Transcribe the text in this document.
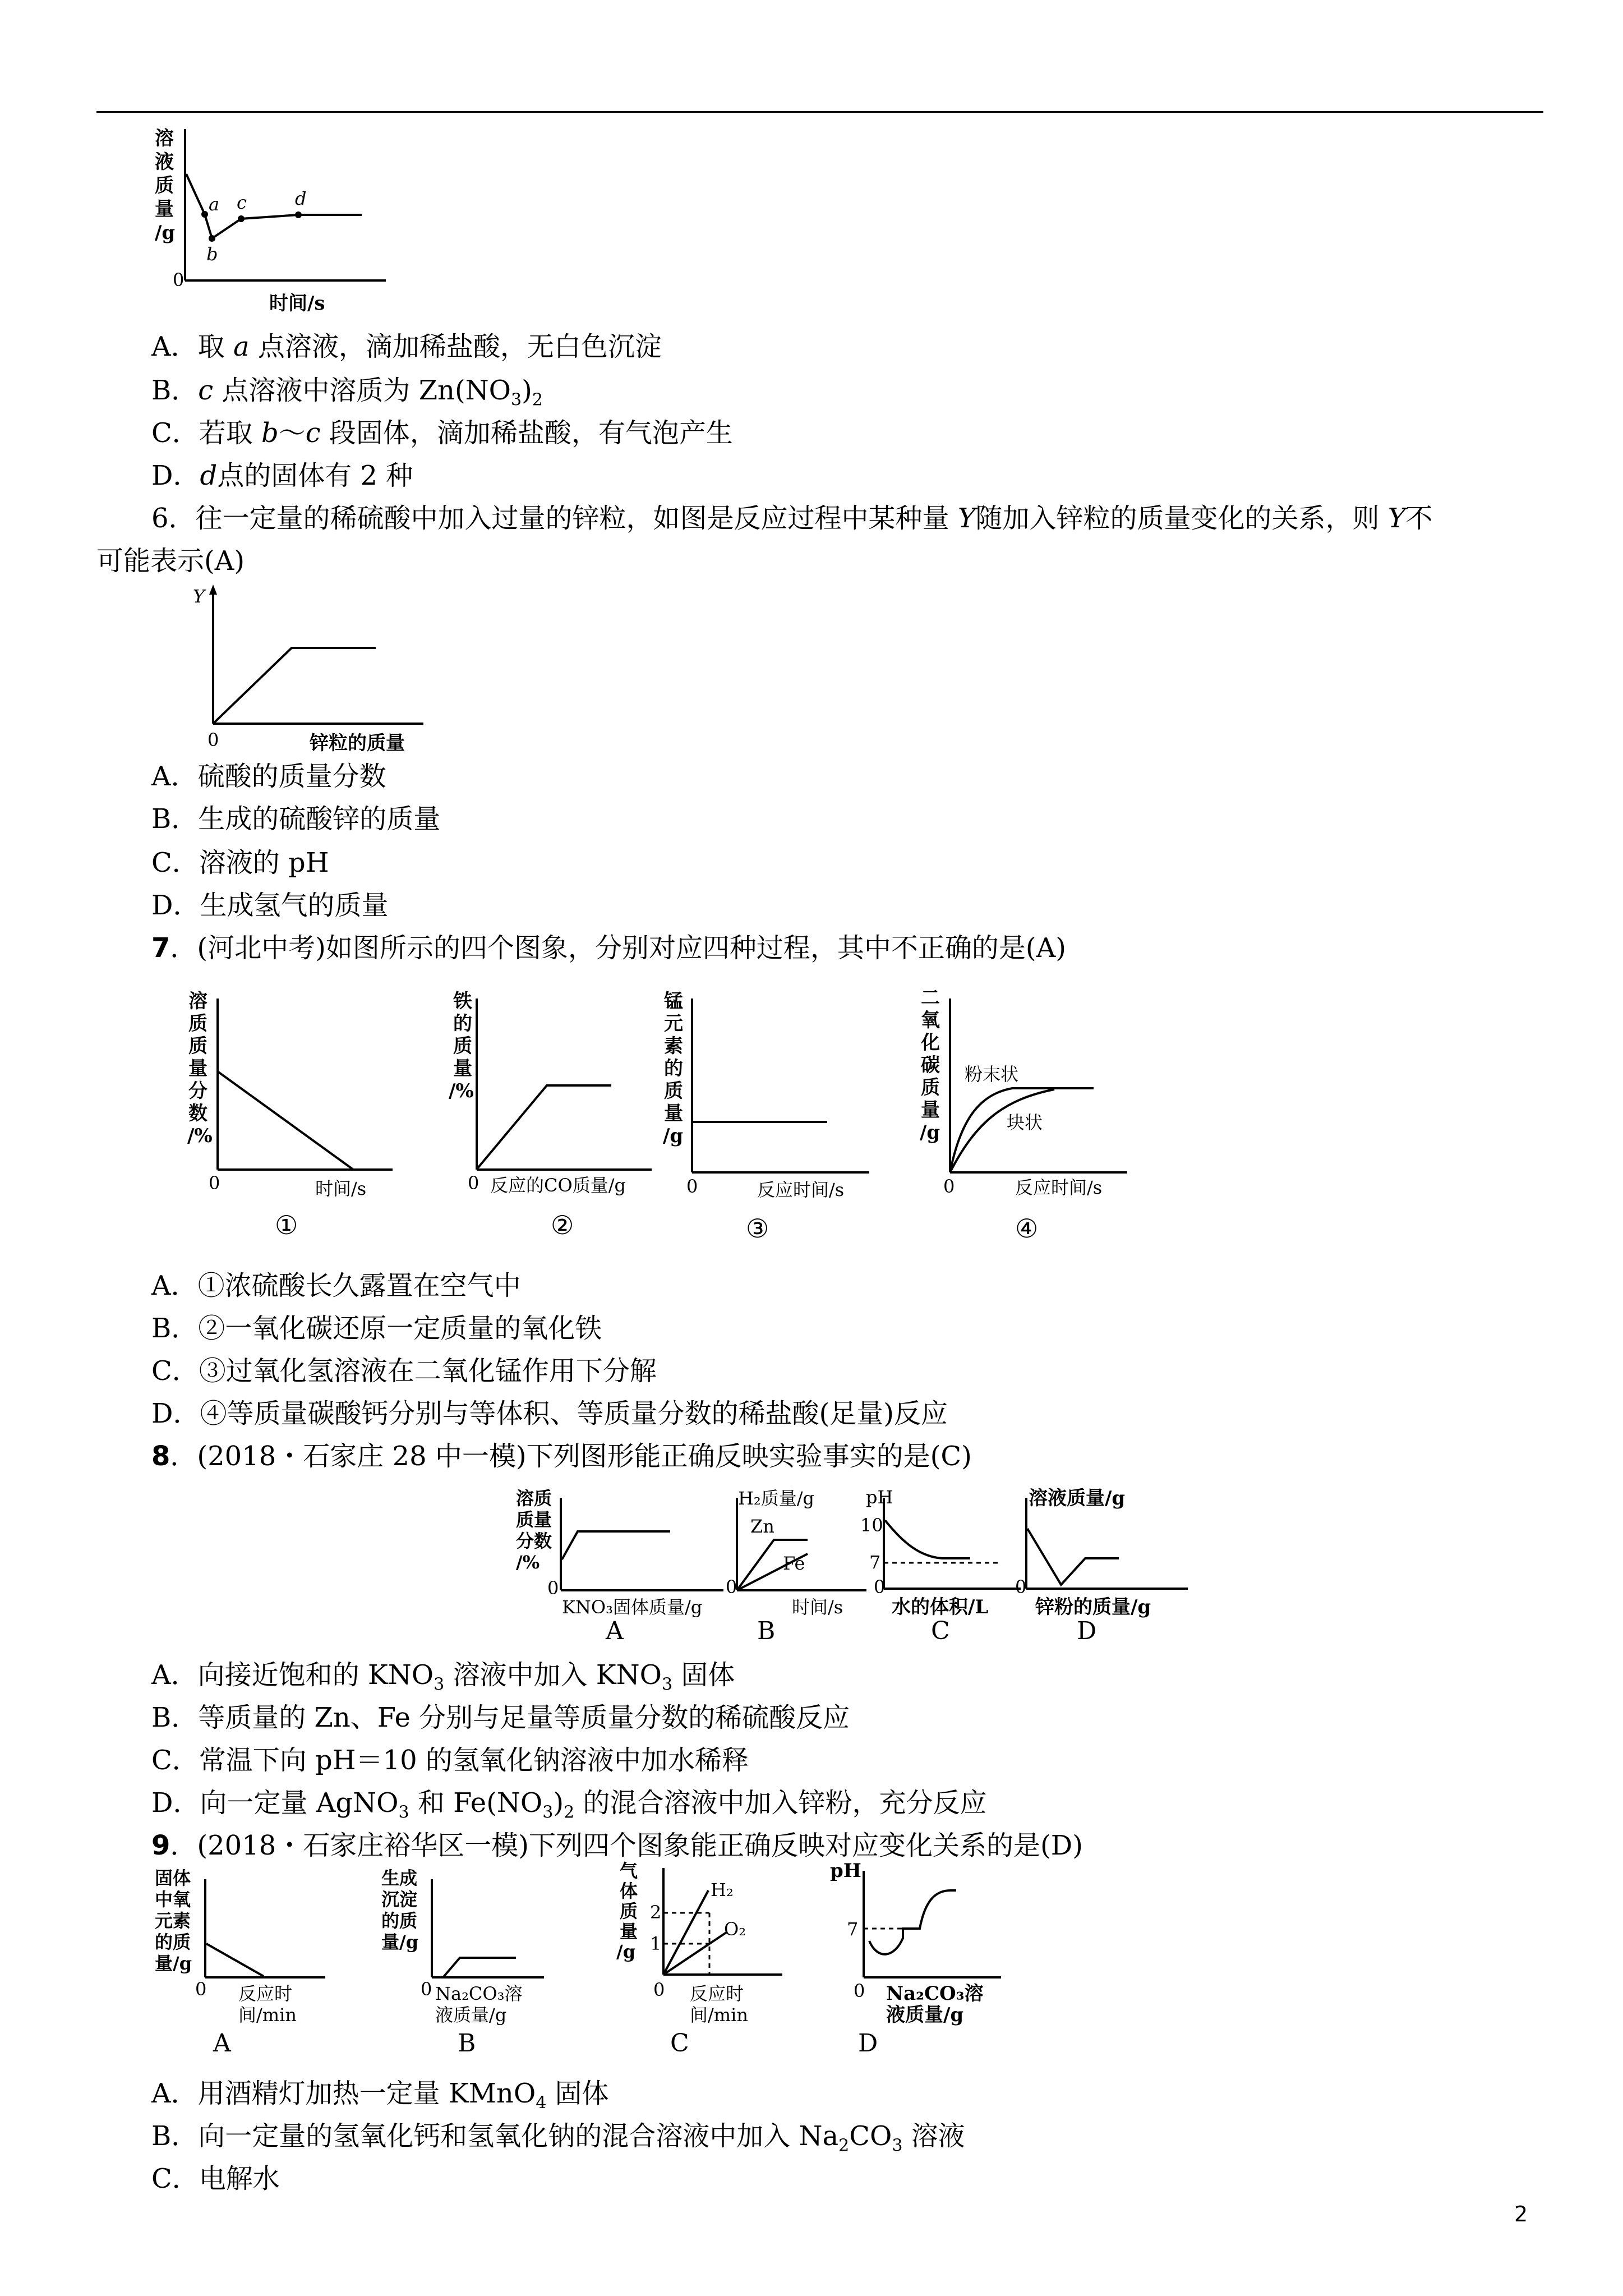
溶
液
质
量
/g
a
b
c	d
0
时间/s
A．取 a 点溶液，滴加稀盐酸，无白色沉淀
B．c 点溶液中溶质为 $Zn(NO_3)_2$
C．若取 b～c 段固体，滴加稀盐酸，有气泡产生
D．d点的固体有 2 种
6．往一定量的稀硫酸中加入过量的锌粒，如图是反应过程中某种量 Y随加入锌粒的质量变化的关系，则 Y不
可能表示(A)
Y
0	锌粒的质量
A．硫酸的质量分数
B．生成的硫酸锌的质量
C．溶液的 pH
D．生成氢气的质量
7．(河北中考)如图所示的四个图象，分别对应四种过程，其中不正确的是(A)
溶
质
质
量
分
数
/%
0	时间/s
①
铁
的
质
量
/%
0 反应的CO质量/g
②
锰
元
素
的
质
量
/g
0	反应时间/s
③
二
氧
化
碳
质
量
/g
粉末状
块状
0	反应时间/s
④
A．①浓硫酸长久露置在空气中
B．②一氧化碳还原一定质量的氧化铁
C．③过氧化氢溶液在二氧化锰作用下分解
D．④等质量碳酸钙分别与等体积、等质量分数的稀盐酸(足量)反应
8．(2018・石家庄 28 中一模)下列图形能正确反映实验事实的是(C)
溶质
质量
分数
/%
0
KNO₃固体质量/g
A
H₂质量/g
Zn
Fe
0
时间/s
B
pH
10
7
0
水的体积/L
C
溶液质量/g
0
锌粉的质量/g
D
A．向接近饱和的 $KNO_3$ 溶液中加入 $KNO_3$ 固体
B．等质量的 Zn、Fe 分别与足量等质量分数的稀硫酸反应
C．常温下向 pH＝10 的氢氧化钠溶液中加水稀释
D．向一定量 AgNO$_3$ 和 $Fe(NO_3)_2$ 的混合溶液中加入锌粉，充分反应
9．(2018・石家庄裕华区一模)下列四个图象能正确反映对应变化关系的是(D)
固体
中氧
元素
的质
量/g
0 反应时
间/min
A
生成
沉淀
的质
量/g
0 Na₂CO₃溶
液质量/g
B
气
体
质
量
/g
2
1
H₂
O₂
0 反应时
间/min
C
pH
7
0 Na₂CO₃溶
液质量/g
D
A．用酒精灯加热一定量 KMnO$_4$ 固体
B．向一定量的氢氧化钙和氢氧化钠的混合溶液中加入 $Na_2CO_3$ 溶液
C．电解水
2
